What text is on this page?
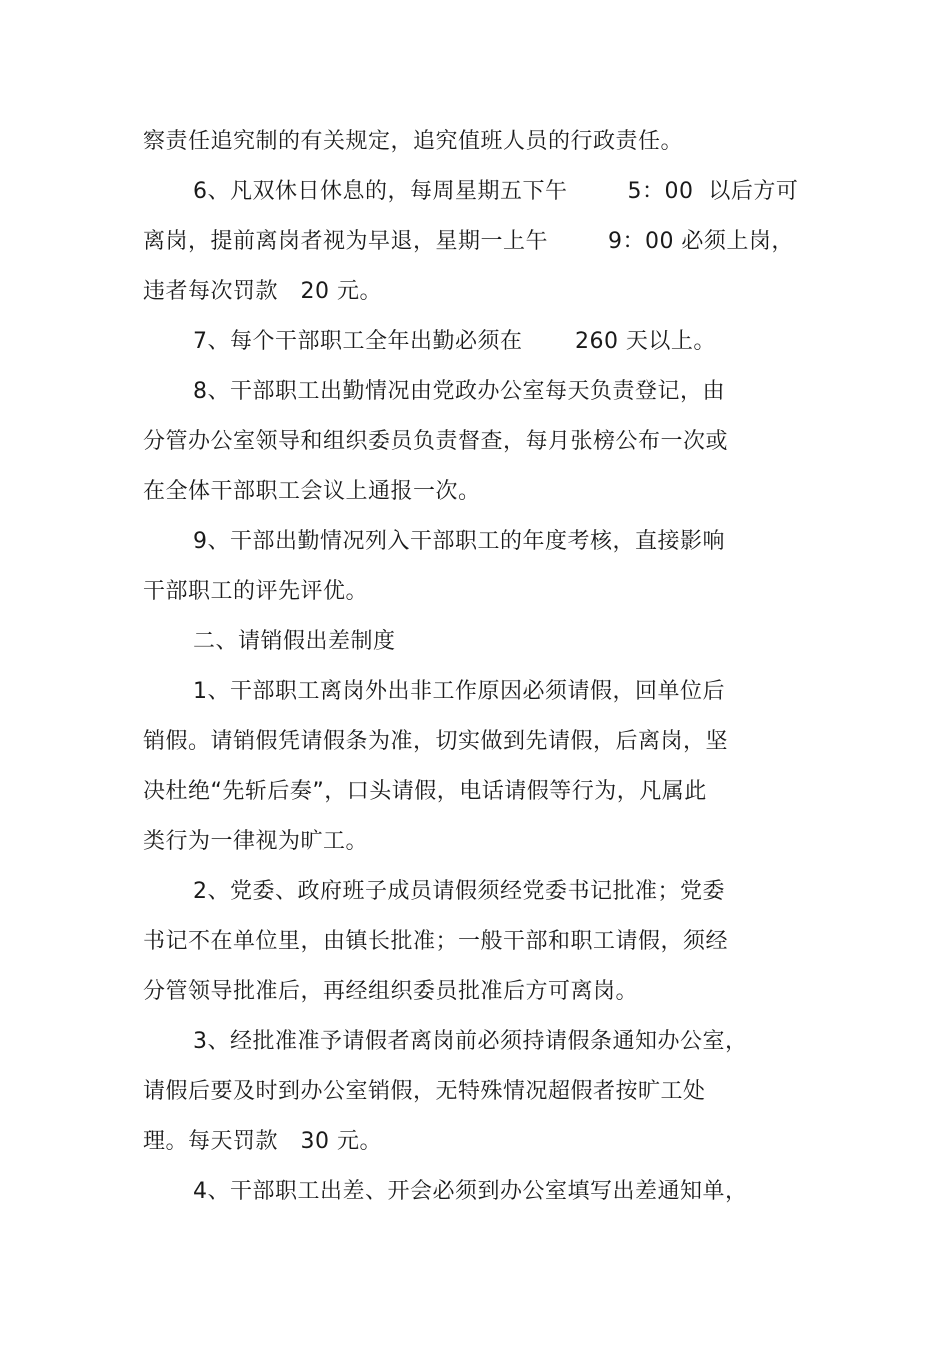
察责任追究制的有关规定，追究值班人员的行政责任。
6、凡双休日休息的，每周星期五下午        5：00  以后方可
离岗，提前离岗者视为早退，星期一上午        9：00 必须上岗，
违者每次罚款   20 元。
7、每个干部职工全年出勤必须在       260 天以上。
8、干部职工出勤情况由党政办公室每天负责登记，由
分管办公室领导和组织委员负责督查，每月张榜公布一次或
在全体干部职工会议上通报一次。
9、干部出勤情况列入干部职工的年度考核，直接影响
干部职工的评先评优。
二、请销假出差制度
1、干部职工离岗外出非工作原因必须请假，回单位后
销假。请销假凭请假条为准，切实做到先请假，后离岗，坚
决杜绝“先斩后奏”，口头请假，电话请假等行为，凡属此
类行为一律视为旷工。
2、党委、政府班子成员请假须经党委书记批准；党委
书记不在单位里，由镇长批准；一般干部和职工请假，须经
分管领导批准后，再经组织委员批准后方可离岗。
3、经批准准予请假者离岗前必须持请假条通知办公室，
请假后要及时到办公室销假，无特殊情况超假者按旷工处
理。每天罚款   30 元。
4、干部职工出差、开会必须到办公室填写出差通知单，
